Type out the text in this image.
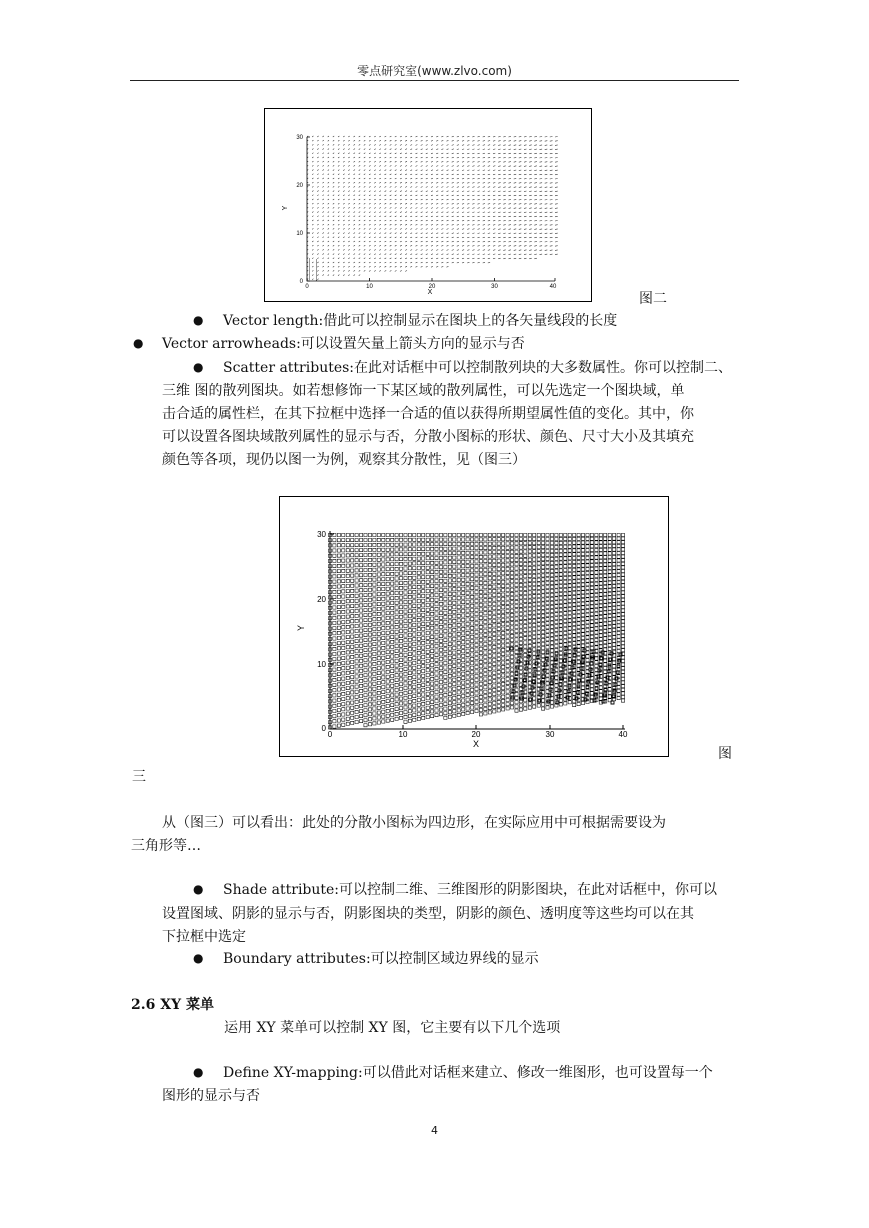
零点研究室(www.zlvo.com)
0	10	20	30	40
0
10
20
30
X
Y
图二
● Vector length:借此可以控制显示在图块上的各矢量线段的长度
● Vector arrowheads:可以设置矢量上箭头方向的显示与否
● Scatter attributes:在此对话框中可以控制散列块的大多数属性。你可以控制二、
三维 图的散列图块。如若想修饰一下某区域的散列属性，可以先选定一个图块域，单
击合适的属性栏，在其下拉框中选择一合适的值以获得所期望属性值的变化。其中，你
可以设置各图块域散列属性的显示与否，分散小图标的形状、颜色、尺寸大小及其填充
颜色等各项，现仍以图一为例，观察其分散性，见（图三）
0	10	20	30	40
0
10
20
30
X
Y
图
三
从（图三）可以看出：此处的分散小图标为四边形，在实际应用中可根据需要设为
三角形等…
● Shade attribute:可以控制二维、三维图形的阴影图块，在此对话框中，你可以
设置图域、阴影的显示与否，阴影图块的类型，阴影的颜色、透明度等这些均可以在其
下拉框中选定
● Boundary attributes:可以控制区域边界线的显示
2.6 XY 菜单
运用 XY 菜单可以控制 XY 图，它主要有以下几个选项
● Define XY-mapping:可以借此对话框来建立、修改一维图形，也可设置每一个
图形的显示与否
4
